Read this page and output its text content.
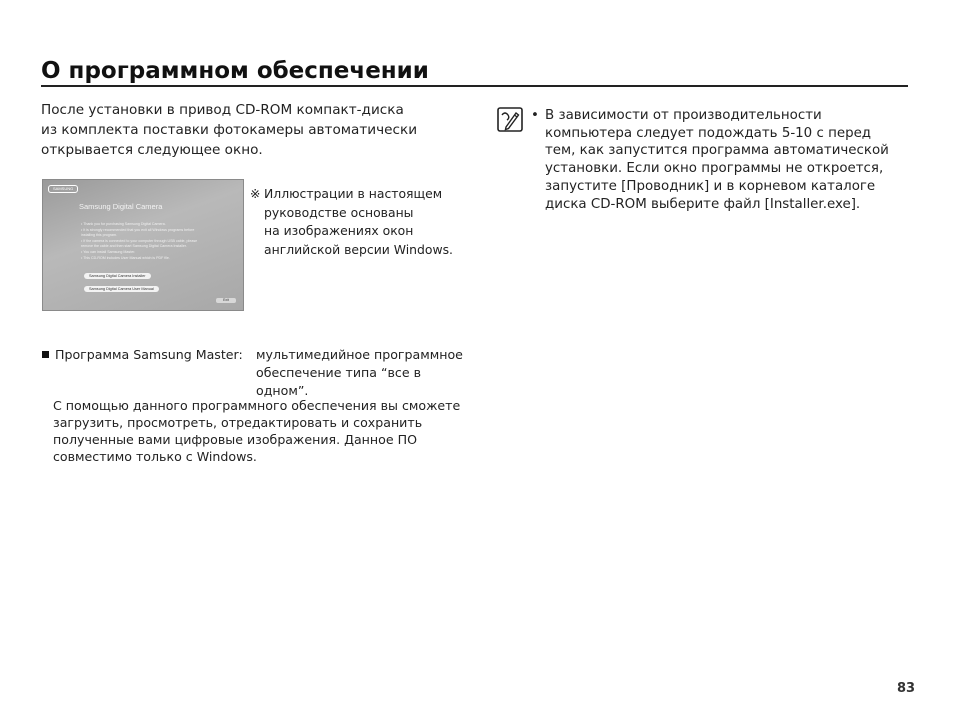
О программном обеспечении
После установки в привод CD-ROM компакт-диска
из комплекта поставки фотокамеры автоматически
открывается следующее окно.
SAMSUNG
Samsung Digital Camera
• Thank you for purchasing Samsung Digital Camera.
• It is strongly recommended that you exit all Windows programs before
installing this program.
• If the camera is connected to your computer through USB cable, please
remove the cable and then start Samsung Digital Camera Installer.
• You can install Samsung Master.
• This CD-ROM includes User Manual which is PDF file.
Samsung Digital Camera Installer
Samsung Digital Camera User Manual
Exit
※ Иллюстрации в настоящем
руководстве основаны
на изображениях окон
английской версии Windows.
Программа Samsung Master: мультимедийное программное
обеспечение типа “все в
одном”.
С помощью данного программного обеспечения вы сможете
загрузить, просмотреть, отредактировать и сохранить
полученные вами цифровые изображения. Данное ПО
совместимо только с Windows.
• В зависимости от производительности
компьютера следует подождать 5-10 с перед
тем, как запустится программа автоматической
установки. Если окно программы не откроется,
запустите [Проводник] и в корневом каталоге
диска CD-ROM выберите файл [Installer.exe].
83
